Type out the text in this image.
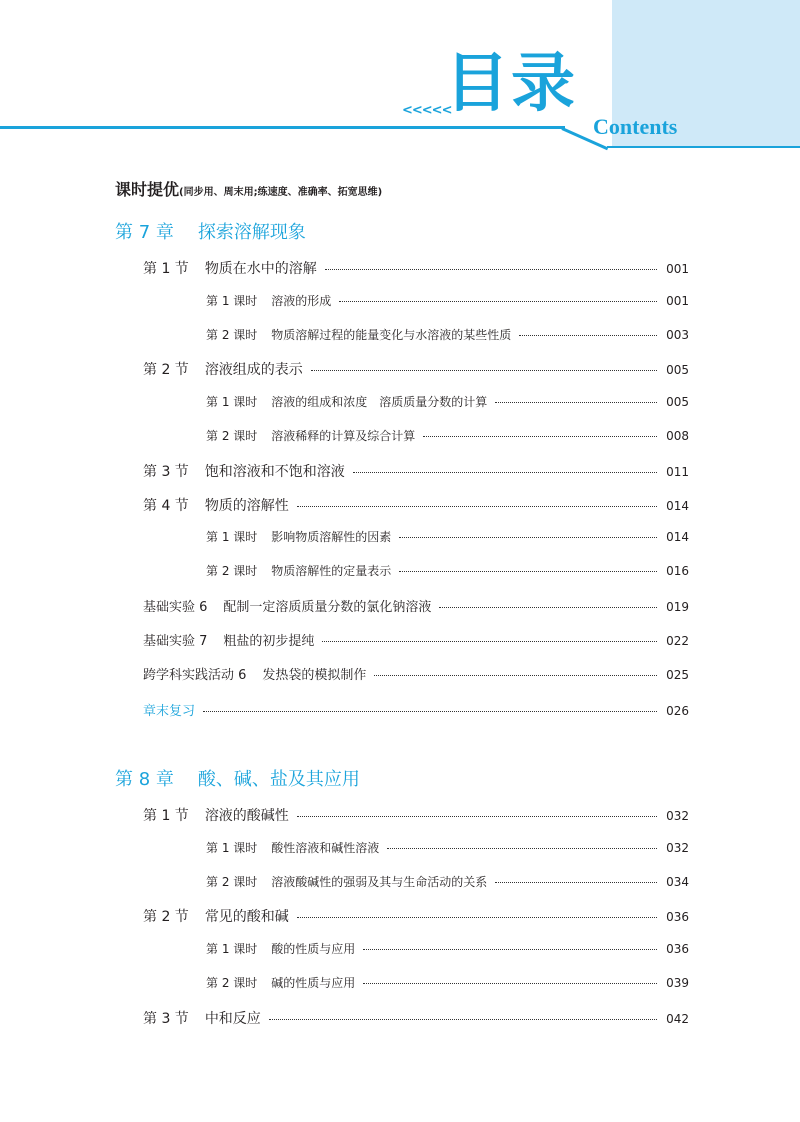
<<<<<
目录
Contents
课时提优(同步用、周末用;练速度、准确率、拓宽思维)
第 7 章 探索溶解现象
第 1 节 物质在水中的溶解	001
第 1 课时 溶液的形成	001
第 2 课时 物质溶解过程的能量变化与水溶液的某些性质	003
第 2 节 溶液组成的表示	005
第 1 课时 溶液的组成和浓度　溶质质量分数的计算	005
第 2 课时 溶液稀释的计算及综合计算	008
第 3 节 饱和溶液和不饱和溶液	011
第 4 节 物质的溶解性	014
第 1 课时 影响物质溶解性的因素	014
第 2 课时 物质溶解性的定量表示	016
基础实验 6 配制一定溶质质量分数的氯化钠溶液	019
基础实验 7 粗盐的初步提纯	022
跨学科实践活动 6 发热袋的模拟制作	025
章末复习	026
第 8 章 酸、碱、盐及其应用
第 1 节 溶液的酸碱性	032
第 1 课时 酸性溶液和碱性溶液	032
第 2 课时 溶液酸碱性的强弱及其与生命活动的关系	034
第 2 节 常见的酸和碱	036
第 1 课时 酸的性质与应用	036
第 2 课时 碱的性质与应用	039
第 3 节 中和反应	042
